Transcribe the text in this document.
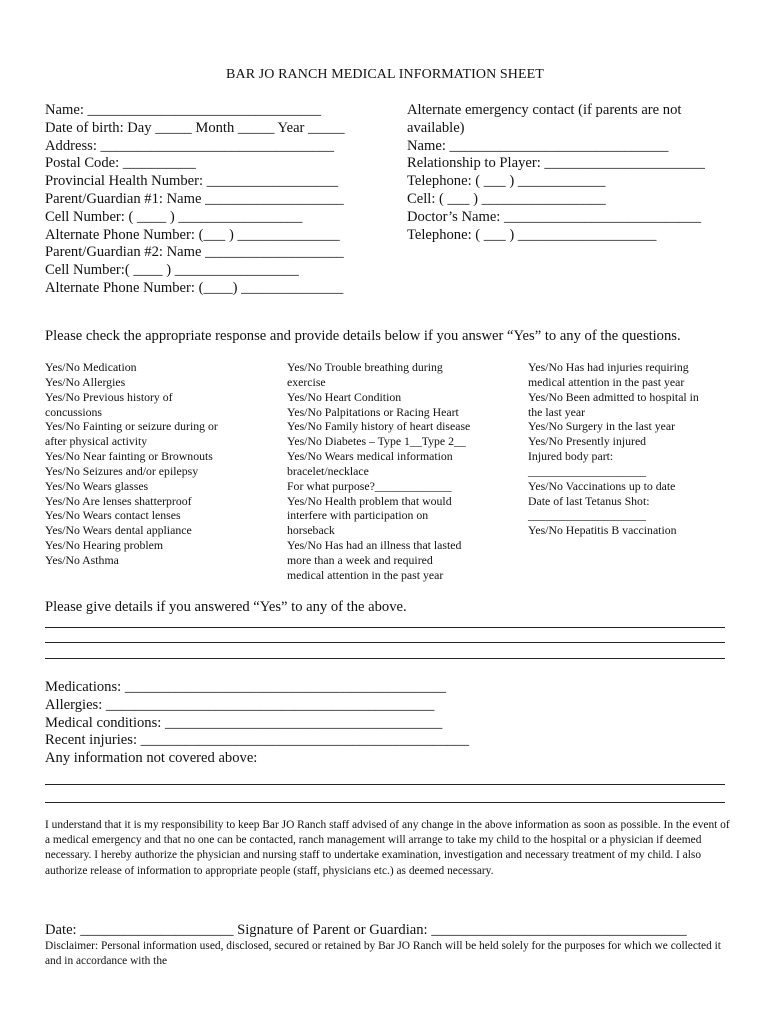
BAR JO RANCH MEDICAL INFORMATION SHEET
Name: ________________________________
Date of birth: Day _____ Month _____ Year _____
Address: ________________________________
Postal Code: __________
Provincial Health Number: __________________
Parent/Guardian #1: Name ___________________
Cell Number: ( ____ ) _________________
Alternate Phone Number: (___ ) ______________
Parent/Guardian #2: Name ___________________
Cell Number:( ____ ) _________________
Alternate Phone Number: (____) ______________
Alternate emergency contact (if parents are not
available)
Name: ______________________________
Relationship to Player: ______________________
Telephone: ( ___ ) ____________
Cell: ( ___ ) _________________
Doctor’s Name: ___________________________
Telephone: ( ___ ) ___________________
Please check the appropriate response and provide details below if you answer “Yes” to any of the questions.
Yes/No Medication
Yes/No Allergies
Yes/No Previous history of
concussions
Yes/No Fainting or seizure during or
after physical activity
Yes/No Near fainting or Brownouts
Yes/No Seizures and/or epilepsy
Yes/No Wears glasses
Yes/No Are lenses shatterproof
Yes/No Wears contact lenses
Yes/No Wears dental appliance
Yes/No Hearing problem
Yes/No Asthma
Yes/No Trouble breathing during
exercise
Yes/No Heart Condition
Yes/No Palpitations or Racing Heart
Yes/No Family history of heart disease
Yes/No Diabetes – Type 1__Type 2__
Yes/No Wears medical information
bracelet/necklace
For what purpose?_____________
Yes/No Health problem that would
interfere with participation on
horseback
Yes/No Has had an illness that lasted
more than a week and required
medical attention in the past year
Yes/No Has had injuries requiring
medical attention in the past year
Yes/No Been admitted to hospital in
the last year
Yes/No Surgery in the last year
Yes/No Presently injured
Injured body part:
____________________
Yes/No Vaccinations up to date
Date of last Tetanus Shot:
____________________
Yes/No Hepatitis B vaccination
Please give details if you answered “Yes” to any of the above.
Medications: ____________________________________________
Allergies: _____________________________________________
Medical conditions: ______________________________________
Recent injuries: _____________________________________________
Any information not covered above:
I understand that it is my responsibility to keep Bar JO Ranch staff advised of any change in the above information as soon as possible. In the event of a medical emergency and that no one can be contacted, ranch management will arrange to take my child to the hospital or a physician if deemed necessary. I hereby authorize the physician and nursing staff to undertake examination, investigation and necessary treatment of my child. I also authorize release of information to appropriate people (staff, physicians etc.) as deemed necessary.
Date: _____________________ Signature of Parent or Guardian: ___________________________________
Disclaimer: Personal information used, disclosed, secured or retained by Bar JO Ranch will be held solely for the purposes for which we collected it and in accordance with the
